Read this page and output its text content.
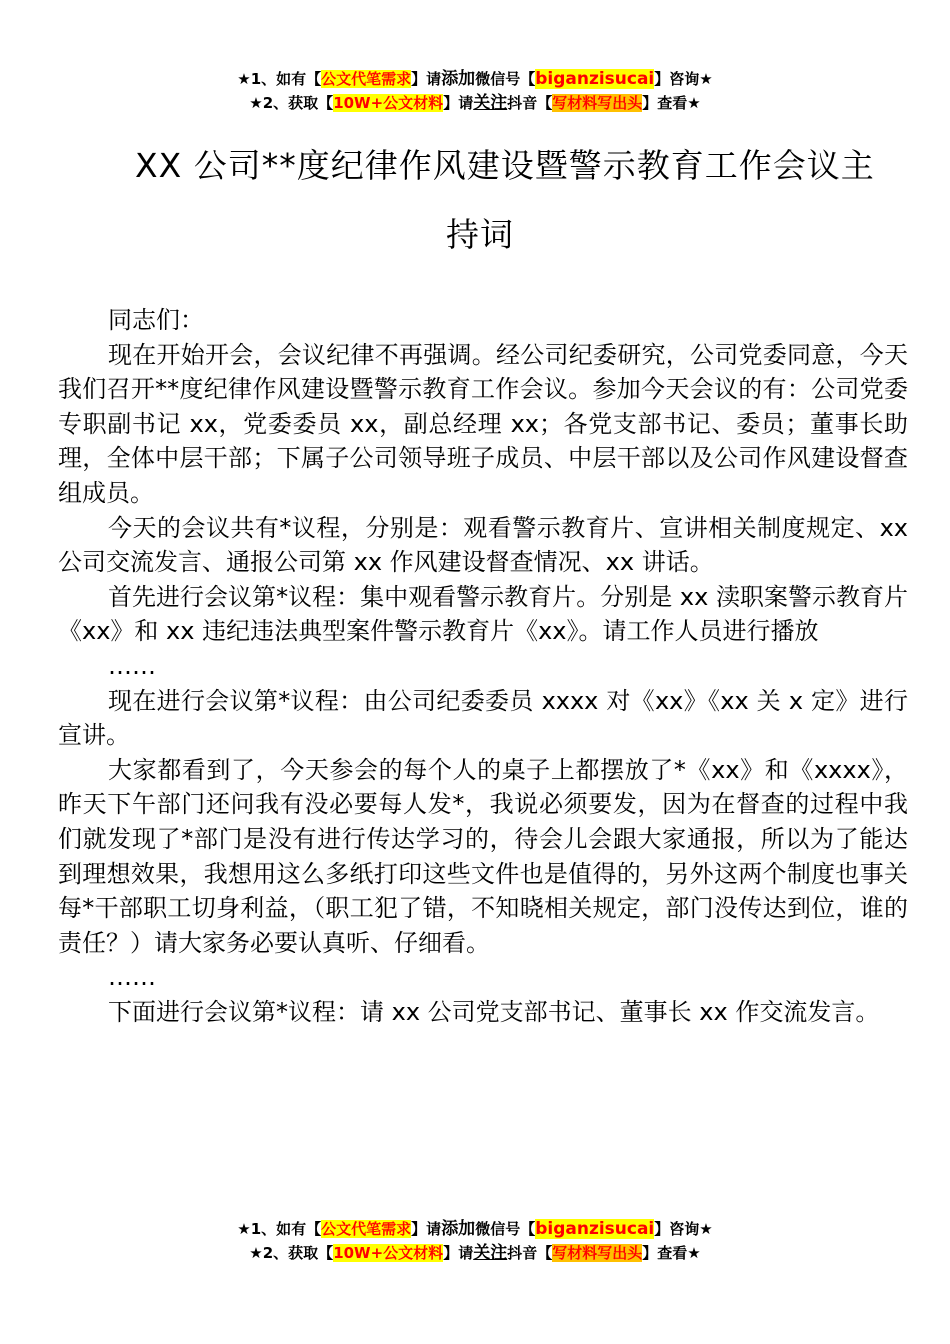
★1、如有【公文代笔需求】请添加微信号【biganzisucai】咨询★
★2、获取【10W+公文材料】请关注抖音【写材料写出头】查看★
XX 公司**度纪律作风建设暨警示教育工作会议主
持词

同志们：

现在开始开会，会议纪律不再强调。经公司纪委研究，公司党委同意，今天我们召开**度纪律作风建设暨警示教育工作会议。参加今天会议的有：公司党委专职副书记 xx，党委委员 xx，副总经理 xx；各党支部书记、委员；董事长助理，全体中层干部；下属子公司领导班子成员、中层干部以及公司作风建设督查组成员。

今天的会议共有*议程，分别是：观看警示教育片、宣讲相关制度规定、xx 公司交流发言、通报公司第 xx 作风建设督查情况、xx 讲话。

首先进行会议第*议程：集中观看警示教育片。分别是 xx 渎职案警示教育片《xx》和 xx 违纪违法典型案件警示教育片《xx》。请工作人员进行播放

……

现在进行会议第*议程：由公司纪委委员 xxxx 对《xx》《xx 关 x 定》进行宣讲。

大家都看到了，今天参会的每个人的桌子上都摆放了*《xx》和《xxxx》，昨天下午部门还问我有没必要每人发*，我说必须要发，因为在督查的过程中我们就发现了*部门是没有进行传达学习的，待会儿会跟大家通报，所以为了能达到理想效果，我想用这么多纸打印这些文件也是值得的，另外这两个制度也事关每*干部职工切身利益，（职工犯了错，不知晓相关规定，部门没传达到位，谁的责任？）请大家务必要认真听、仔细看。

……

下面进行会议第*议程：请 xx 公司党支部书记、董事长 xx 作交流发言。

★1、如有【公文代笔需求】请添加微信号【biganzisucai】咨询★
★2、获取【10W+公文材料】请关注抖音【写材料写出头】查看★
